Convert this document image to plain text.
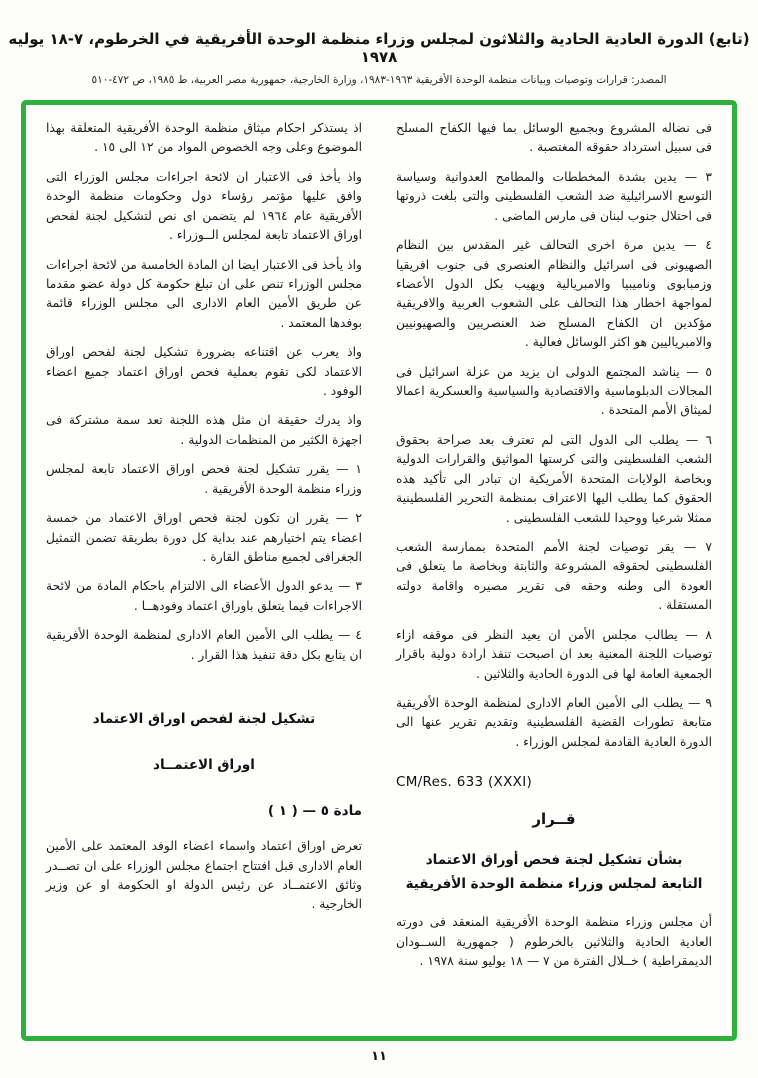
(تابع) الدورة العادية الحادية والثلاثون لمجلس وزراء منظمة الوحدة الأفريقية في الخرطوم، ٧-١٨ يوليه ١٩٧٨
المصدر: قرارات وتوصيات وبيانات منظمة الوحدة الأفريقية ١٩٦٣-١٩٨٣، وزارة الخارجية، جمهورية مصر العربية، ط ١٩٨٥، ص ٤٧٢-٥١٠

فى نضاله المشروع وبجميع الوسائل بما فيها الكفاح المسلح فى سبيل استرداد حقوقه المغتصبة .

٣ — يدين بشدة المخططات والمطامح العدوانية وسياسة التوسع الاسرائيلية ضد الشعب الفلسطينى والتى بلغت ذروتها فى احتلال جنوب لبنان فى مارس الماضى .

٤ — يدين مرة اخرى التحالف غير المقدس بين النظام الصهيونى فى اسرائيل والنظام العنصرى فى جنوب افريقيا وزمبابوى وناميبيا والامبريالية ويهيب بكل الدول الأعضاء لمواجهة اخطار هذا التحالف على الشعوب العربية والافريقية مؤكدين ان الكفاح المسلح ضد العنصريين والصهيونيين والامبرياليين هو اكثر الوسائل فعالية .

٥ — يناشد المجتمع الدولى ان يزيد من عزلة اسرائيل فى المجالات الدبلوماسية والاقتصادية والسياسية والعسكرية اعمالا لميثاق الأمم المتحدة .

٦ — يطلب الى الدول التى لم تعترف بعد صراحة بحقوق الشعب الفلسطينى والتى كرستها المواثيق والقرارات الدولية وبخاصة الولايات المتحدة الأمريكية ان تبادر الى تأكيد هذه الحقوق كما يطلب اليها الاعتراف بمنظمة التحرير الفلسطينية ممثلا شرعيا ووحيدا للشعب الفلسطينى .

٧ — يقر توصيات لجنة الأمم المتحدة بممارسة الشعب الفلسطينى لحقوقه المشروعة والثابتة وبخاصة ما يتعلق فى العودة الى وطنه وحقه فى تقرير مصيره واقامة دولته المستقلة .

٨ — يطالب مجلس الأمن ان يعيد النظر فى موقفه ازاء توصيات اللجنة المعنية بعد ان اصبحت تنفذ ارادة دولية باقرار الجمعية العامة لها فى الدورة الحادية والثلاثين .

٩ — يطلب الى الأمين العام الادارى لمنظمة الوحدة الأفريقية متابعة تطورات القضية الفلسطينية وتقديم تقرير عنها الى الدورة العادية القادمة لمجلس الوزراء .

CM/Res. 633 (XXXI)
قــرار
بشأن تشكيل لجنة فحص أوراق الاعتماد
التابعة لمجلس وزراء منظمة الوحدة الأفريقية

أن مجلس وزراء منظمة الوحدة الأفريقية المنعقد فى دورته العادية الحادية والثلاثين بالخرطوم ( جمهورية الســودان الديمقراطية ) خــلال الفترة من ٧ — ١٨ يوليو سنة ١٩٧٨ .

اذ يستذكر احكام ميثاق منظمة الوحدة الأفريقية المتعلقة بهذا الموضوع وعلى وجه الخصوص المواد من ١٢ الى ١٥ .

واذ يأخذ فى الاعتبار ان لائحة اجراءات مجلس الوزراء التى وافق عليها مؤتمر رؤساء دول وحكومات منظمة الوحدة الأفريقية عام ١٩٦٤ لم يتضمن اى نص لتشكيل لجنة لفحص اوراق الاعتماد تابعة لمجلس الــوزراء .

واذ يأخذ فى الاعتبار ايضا ان المادة الخامسة من لائحة اجراءات مجلس الوزراء تنص على ان تبلغ حكومة كل دولة عضو مقدما عن طريق الأمين العام الادارى الى مجلس الوزراء قائمة بوفدها المعتمد .

واذ يعرب عن اقتناعه بضرورة تشكيل لجنة لفحص اوراق الاعتماد لكى تقوم بعملية فحص اوراق اعتماد جميع اعضاء الوفود .

واذ يدرك حقيقة ان مثل هذه اللجنة تعد سمة مشتركة فى اجهزة الكثير من المنظمات الدولية .

١ — يقرر تشكيل لجنة فحص اوراق الاعتماد تابعة لمجلس وزراء منظمة الوحدة الأفريقية .

٢ — يقرر ان تكون لجنة فحص اوراق الاعتماد من خمسة اعضاء يتم اختيارهم عند بداية كل دورة بطريقة تضمن التمثيل الجغرافى لجميع مناطق القارة .

٣ — يدعو الدول الأعضاء الى الالتزام باحكام المادة من لائحة الاجراءات فيما يتعلق باوراق اعتماد وفودهــا .

٤ — يطلب الى الأمين العام الادارى لمنظمة الوحدة الأفريقية ان يتابع بكل دقة تنفيذ هذا القرار .

تشكيل لجنة لفحص اوراق الاعتماد
اوراق الاعتمــاد
مادة ٥ — ( ١ )

تعرض اوراق اعتماد واسماء اعضاء الوفد المعتمد على الأمين العام الادارى قبل افتتاح اجتماع مجلس الوزراء على ان تصــدر وثائق الاعتمــاد عن رئيس الدولة او الحكومة او عن وزير الخارجية .

١١
